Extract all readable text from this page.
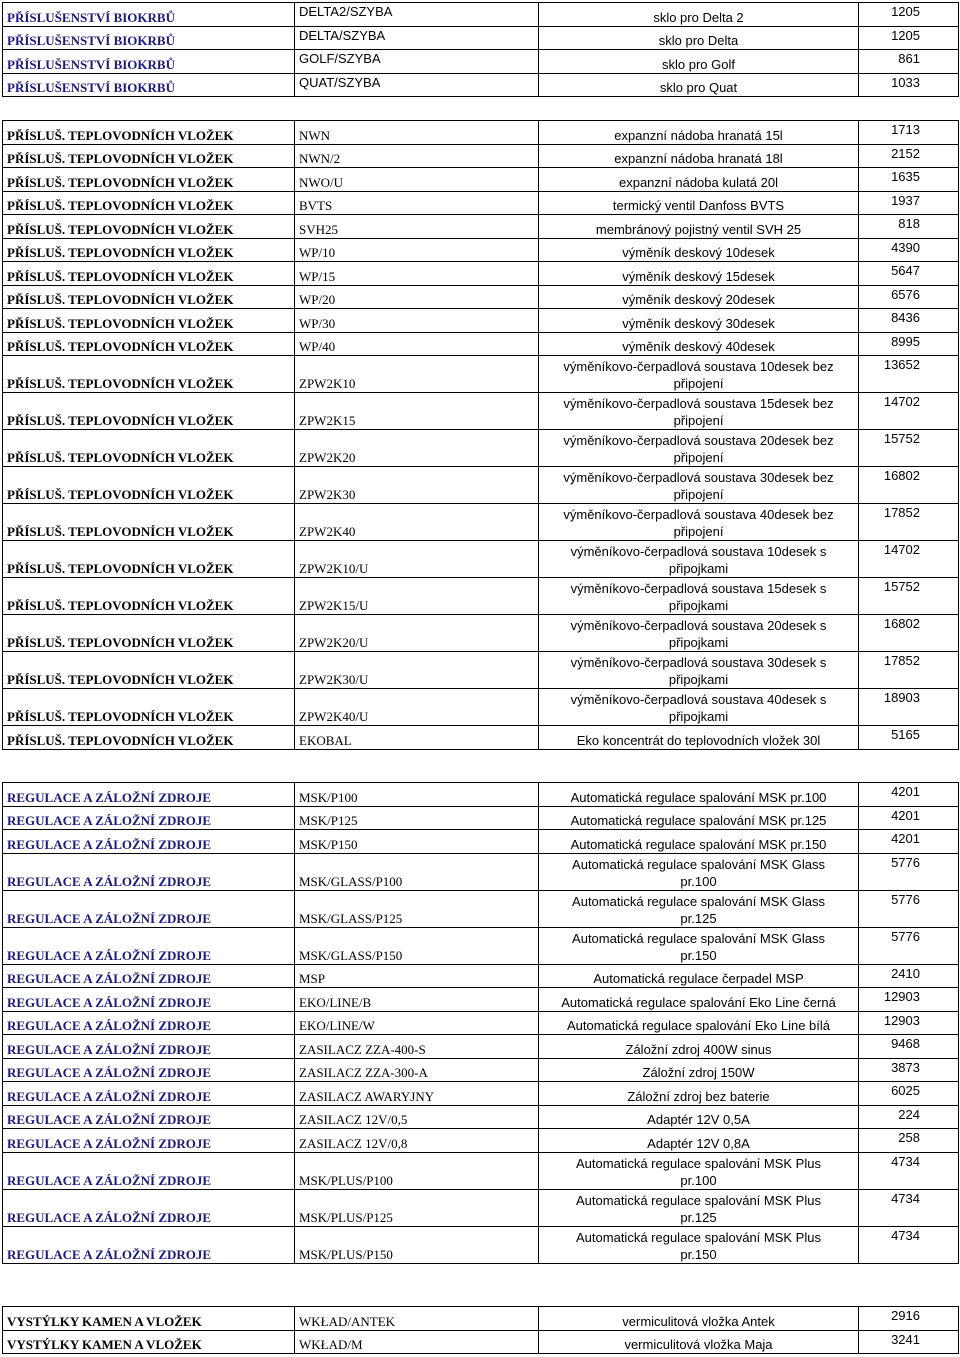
PŘÍSLUŠENSTVÍ BIOKRBŮ	DELTA2/SZYBA	sklo pro Delta 2	1205
PŘÍSLUŠENSTVÍ BIOKRBŮ	DELTA/SZYBA	sklo pro Delta	1205
PŘÍSLUŠENSTVÍ BIOKRBŮ	GOLF/SZYBA	sklo pro Golf	861
PŘÍSLUŠENSTVÍ BIOKRBŮ	QUAT/SZYBA	sklo pro Quat	1033
PŘÍSLUŠ. TEPLOVODNÍCH VLOŽEK	NWN	expanzní nádoba hranatá 15l	1713
PŘÍSLUŠ. TEPLOVODNÍCH VLOŽEK	NWN/2	expanzní nádoba hranatá 18l	2152
PŘÍSLUŠ. TEPLOVODNÍCH VLOŽEK	NWO/U	expanzní nádoba kulatá 20l	1635
PŘÍSLUŠ. TEPLOVODNÍCH VLOŽEK	BVTS	termický ventil Danfoss BVTS	1937
PŘÍSLUŠ. TEPLOVODNÍCH VLOŽEK	SVH25	membránový pojistný ventil SVH 25	818
PŘÍSLUŠ. TEPLOVODNÍCH VLOŽEK	WP/10	výměník deskový 10desek	4390
PŘÍSLUŠ. TEPLOVODNÍCH VLOŽEK	WP/15	výměník deskový 15desek	5647
PŘÍSLUŠ. TEPLOVODNÍCH VLOŽEK	WP/20	výměník deskový 20desek	6576
PŘÍSLUŠ. TEPLOVODNÍCH VLOŽEK	WP/30	výměník deskový 30desek	8436
PŘÍSLUŠ. TEPLOVODNÍCH VLOŽEK	WP/40	výměník deskový 40desek	8995
PŘÍSLUŠ. TEPLOVODNÍCH VLOŽEK	ZPW2K10	výměníkovo-čerpadlová soustava 10desek bez
připojení	13652
PŘÍSLUŠ. TEPLOVODNÍCH VLOŽEK	ZPW2K15	výměníkovo-čerpadlová soustava 15desek bez
připojení	14702
PŘÍSLUŠ. TEPLOVODNÍCH VLOŽEK	ZPW2K20	výměníkovo-čerpadlová soustava 20desek bez
připojení	15752
PŘÍSLUŠ. TEPLOVODNÍCH VLOŽEK	ZPW2K30	výměníkovo-čerpadlová soustava 30desek bez
připojení	16802
PŘÍSLUŠ. TEPLOVODNÍCH VLOŽEK	ZPW2K40	výměníkovo-čerpadlová soustava 40desek bez
připojení	17852
PŘÍSLUŠ. TEPLOVODNÍCH VLOŽEK	ZPW2K10/U	výměníkovo-čerpadlová soustava 10desek s
připojkami	14702
PŘÍSLUŠ. TEPLOVODNÍCH VLOŽEK	ZPW2K15/U	výměníkovo-čerpadlová soustava 15desek s
připojkami	15752
PŘÍSLUŠ. TEPLOVODNÍCH VLOŽEK	ZPW2K20/U	výměníkovo-čerpadlová soustava 20desek s
připojkami	16802
PŘÍSLUŠ. TEPLOVODNÍCH VLOŽEK	ZPW2K30/U	výměníkovo-čerpadlová soustava 30desek s
připojkami	17852
PŘÍSLUŠ. TEPLOVODNÍCH VLOŽEK	ZPW2K40/U	výměníkovo-čerpadlová soustava 40desek s
připojkami	18903
PŘÍSLUŠ. TEPLOVODNÍCH VLOŽEK	EKOBAL	Eko koncentrát do teplovodních vložek 30l	5165
REGULACE A ZÁLOŽNÍ ZDROJE	MSK/P100	Automatická regulace spalování MSK pr.100	4201
REGULACE A ZÁLOŽNÍ ZDROJE	MSK/P125	Automatická regulace spalování MSK pr.125	4201
REGULACE A ZÁLOŽNÍ ZDROJE	MSK/P150	Automatická regulace spalování MSK pr.150	4201
REGULACE A ZÁLOŽNÍ ZDROJE	MSK/GLASS/P100	Automatická regulace spalování MSK Glass
pr.100	5776
REGULACE A ZÁLOŽNÍ ZDROJE	MSK/GLASS/P125	Automatická regulace spalování MSK Glass
pr.125	5776
REGULACE A ZÁLOŽNÍ ZDROJE	MSK/GLASS/P150	Automatická regulace spalování MSK Glass
pr.150	5776
REGULACE A ZÁLOŽNÍ ZDROJE	MSP	Automatická regulace čerpadel MSP	2410
REGULACE A ZÁLOŽNÍ ZDROJE	EKO/LINE/B	Automatická regulace spalování Eko Line černá	12903
REGULACE A ZÁLOŽNÍ ZDROJE	EKO/LINE/W	Automatická regulace spalování Eko Line bílá	12903
REGULACE A ZÁLOŽNÍ ZDROJE	ZASILACZ ZZA-400-S	Záložní zdroj 400W sinus	9468
REGULACE A ZÁLOŽNÍ ZDROJE	ZASILACZ ZZA-300-A	Záložní zdroj 150W	3873
REGULACE A ZÁLOŽNÍ ZDROJE	ZASILACZ AWARYJNY	Záložní zdroj bez baterie	6025
REGULACE A ZÁLOŽNÍ ZDROJE	ZASILACZ 12V/0,5	Adaptér 12V 0,5A	224
REGULACE A ZÁLOŽNÍ ZDROJE	ZASILACZ 12V/0,8	Adaptér 12V 0,8A	258
REGULACE A ZÁLOŽNÍ ZDROJE	MSK/PLUS/P100	Automatická regulace spalování MSK Plus
pr.100	4734
REGULACE A ZÁLOŽNÍ ZDROJE	MSK/PLUS/P125	Automatická regulace spalování MSK Plus
pr.125	4734
REGULACE A ZÁLOŽNÍ ZDROJE	MSK/PLUS/P150	Automatická regulace spalování MSK Plus
pr.150	4734
VYSTÝLKY KAMEN A VLOŽEK	WKŁAD/ANTEK	vermiculitová vložka Antek	2916
VYSTÝLKY KAMEN A VLOŽEK	WKŁAD/M	vermiculitová vložka Maja	3241
